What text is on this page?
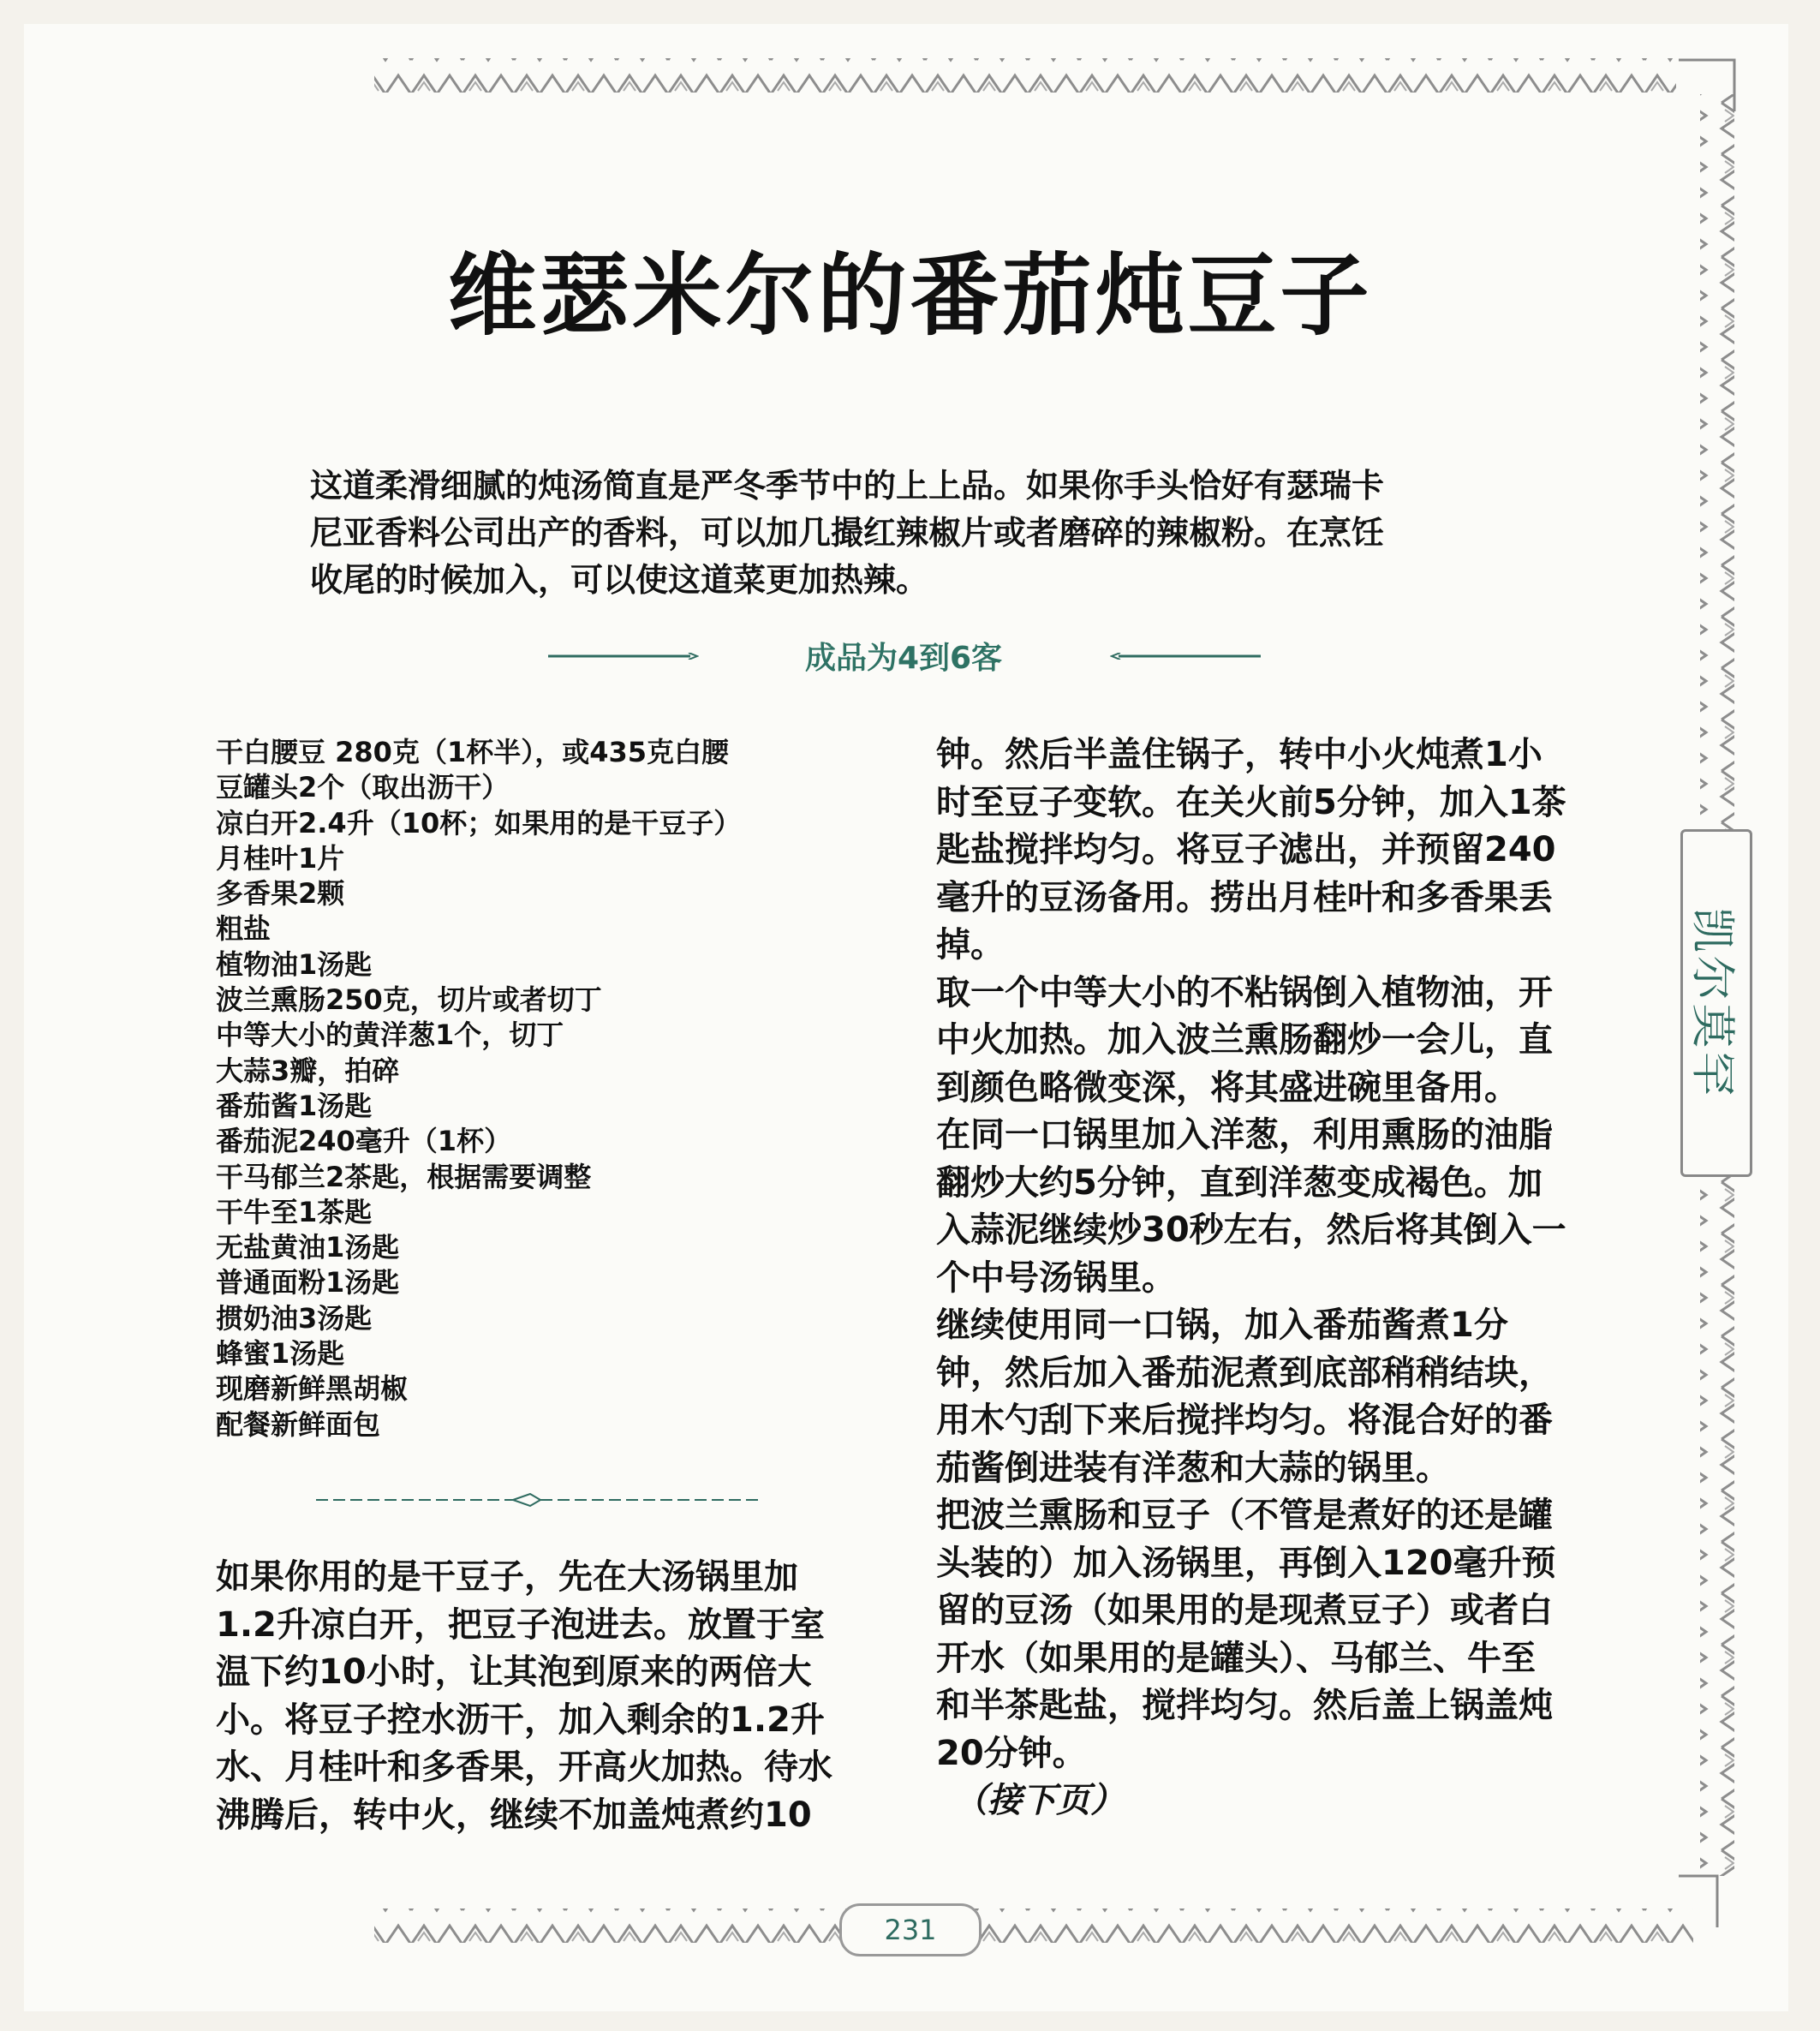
维瑟米尔的番茄炖豆子
这道柔滑细腻的炖汤简直是严冬季节中的上上品。如果你手头恰好有瑟瑞卡
尼亚香料公司出产的香料，可以加几撮红辣椒片或者磨碎的辣椒粉。在烹饪
收尾的时候加入，可以使这道菜更加热辣。
成品为4到6客
干白腰豆 280克（1杯半），或435克白腰
豆罐头2个（取出沥干）
凉白开2.4升（10杯；如果用的是干豆子）
月桂叶1片
多香果2颗
粗盐
植物油1汤匙
波兰熏肠250克，切片或者切丁
中等大小的黄洋葱1个，切丁
大蒜3瓣，拍碎
番茄酱1汤匙
番茄泥240毫升（1杯）
干马郁兰2茶匙，根据需要调整
干牛至1茶匙
无盐黄油1汤匙
普通面粉1汤匙
掼奶油3汤匙
蜂蜜1汤匙
现磨新鲜黑胡椒
配餐新鲜面包
如果你用的是干豆子，先在大汤锅里加
1.2升凉白开，把豆子泡进去。放置于室
温下约10小时，让其泡到原来的两倍大
小。将豆子控水沥干，加入剩余的1.2升
水、月桂叶和多香果，开高火加热。待水
沸腾后，转中火，继续不加盖炖煮约10
钟。然后半盖住锅子，转中小火炖煮1小
时至豆子变软。在关火前5分钟，加入1茶
匙盐搅拌均匀。将豆子滤出，并预留240
毫升的豆汤备用。捞出月桂叶和多香果丢
掉。
取一个中等大小的不粘锅倒入植物油，开
中火加热。加入波兰熏肠翻炒一会儿，直
到颜色略微变深，将其盛进碗里备用。
在同一口锅里加入洋葱，利用熏肠的油脂
翻炒大约5分钟，直到洋葱变成褐色。加
入蒜泥继续炒30秒左右，然后将其倒入一
个中号汤锅里。
继续使用同一口锅，加入番茄酱煮1分
钟，然后加入番茄泥煮到底部稍稍结块，
用木勺刮下来后搅拌均匀。将混合好的番
茄酱倒进装有洋葱和大蒜的锅里。
把波兰熏肠和豆子（不管是煮好的还是罐
头装的）加入汤锅里，再倒入120毫升预
留的豆汤（如果用的是现煮豆子）或者白
开水（如果用的是罐头）、马郁兰、牛至
和半茶匙盐，搅拌均匀。然后盖上锅盖炖
20分钟。
（接下页）
凯尔莫罕
231
